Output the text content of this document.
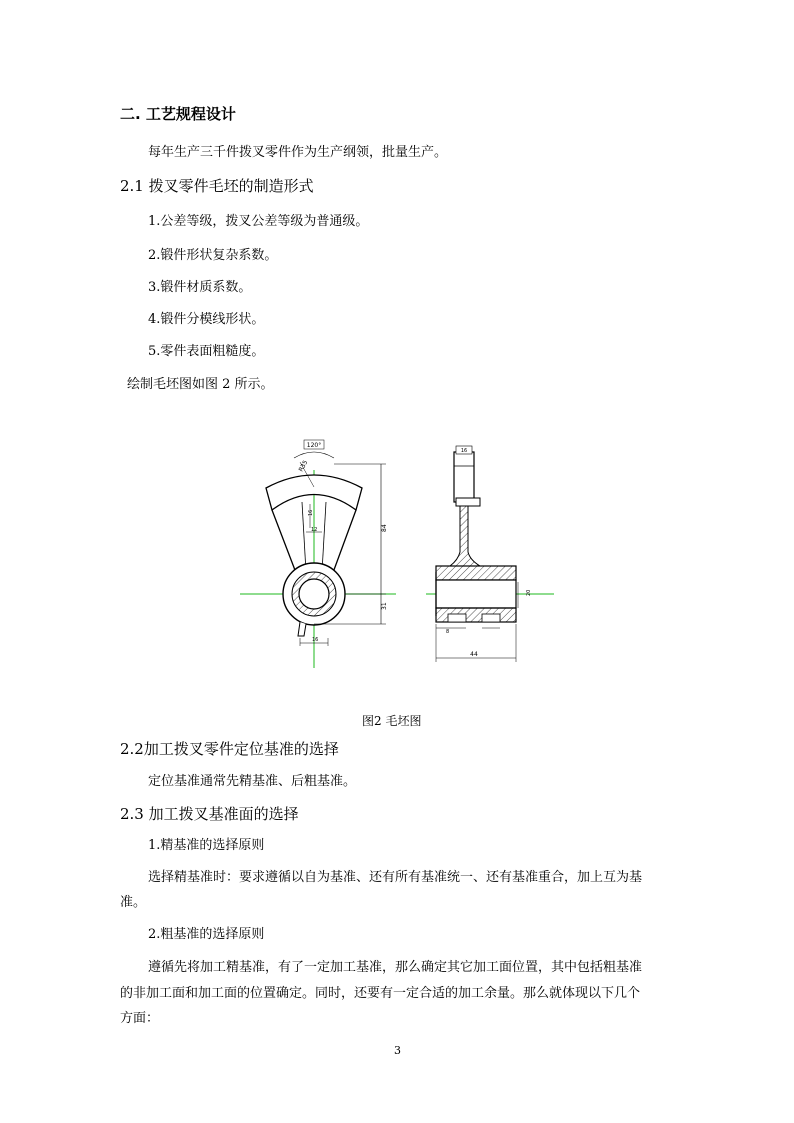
二. 工艺规程设计
每年生产三千件拨叉零件作为生产纲领，批量生产。
2.1 拨叉零件毛坯的制造形式
1.公差等级，拨叉公差等级为普通级。
2.锻件形状复杂系数。
3.锻件材质系数。
4.锻件分模线形状。
5.零件表面粗糙度。
绘制毛坯图如图 2 所示。
120°
R35
16
12	84
31
16
16
20
8
44
图2 毛坯图
2.2加工拨叉零件定位基准的选择
定位基准通常先精基准、后粗基准。
2.3 加工拨叉基准面的选择
1.精基准的选择原则
选择精基准时：要求遵循以自为基准、还有所有基准统一、还有基准重合，加上互为基
准。
2.粗基准的选择原则
遵循先将加工精基准，有了一定加工基准，那么确定其它加工面位置，其中包括粗基准
的非加工面和加工面的位置确定。同时，还要有一定合适的加工余量。那么就体现以下几个
方面：
3
